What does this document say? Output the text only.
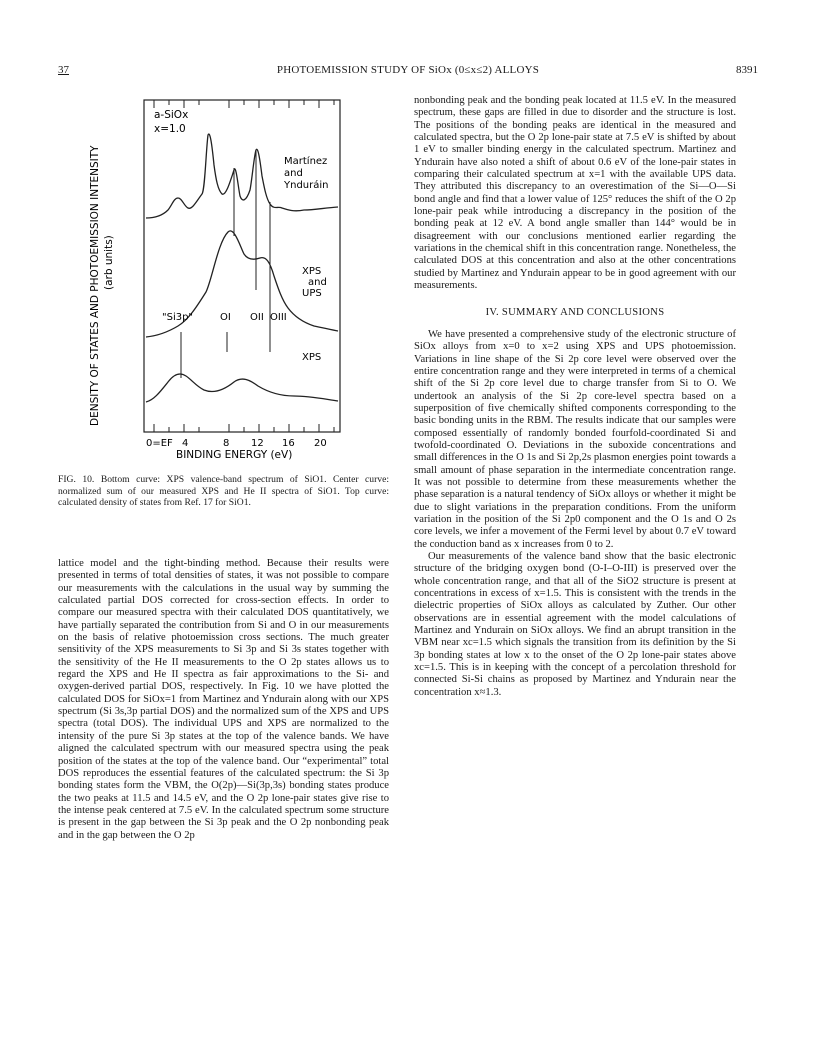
37	PHOTOEMISSION STUDY OF SiOx (0≤x≤2) ALLOYS	8391
a-SiOx
x=1.0
Martínez
and
Ynduráin
XPS
and
UPS
XPS
"Si3p"	OI OII OIII
0=EF 4	8 12 16 20
BINDING ENERGY (eV)
DENSITY OF STATES AND PHOTOEMISSION INTENSITY (arb units)
FIG. 10. Bottom curve: XPS valence-band spectrum of SiO1. Center curve: normalized sum of our measured XPS and He II spectra of SiO1. Top curve: calculated density of states from Ref. 17 for SiO1.

lattice model and the tight-binding method. Because their results were presented in terms of total densities of states, it was not possible to compare our measurements with the calculations in the usual way by summing the calculated partial DOS corrected for cross-section effects. In order to compare our measured spectra with their calculated DOS quantitatively, we have partially separated the contribution from Si and O in our measurements on the basis of relative photoemission cross sections. The much greater sensitivity of the XPS measurements to Si 3p and Si 3s states together with the sensitivity of the He II measurements to the O 2p states allows us to regard the XPS and He II spectra as fair approximations to the Si- and oxygen-derived partial DOS, respectively. In Fig. 10 we have plotted the calculated DOS for SiOx=1 from Martinez and Yndurain along with our XPS spectrum (Si 3s,3p partial DOS) and the normalized sum of the XPS and UPS spectra (total DOS). The individual UPS and XPS are normalized to the intensity of the pure Si 3p states at the top of the valence bands. We have aligned the calculated spectrum with our measured spectra using the peak position of the states at the top of the valence band. Our “experimental” total DOS reproduces the essential features of the calculated spectrum: the Si 3p bonding states form the VBM, the O(2p)—Si(3p,3s) bonding states produce the two peaks at 11.5 and 14.5 eV, and the O 2p lone-pair states give rise to the intense peak centered at 7.5 eV. In the calculated spectrum some structure is present in the gap between the Si 3p peak and the O 2p nonbonding peak and in the gap between the O 2p

nonbonding peak and the bonding peak located at 11.5 eV. In the measured spectrum, these gaps are filled in due to disorder and the structure is lost. The positions of the bonding peaks are identical in the measured and calculated spectra, but the O 2p lone-pair state at 7.5 eV is shifted by about 1 eV to smaller binding energy in the calculated spectrum. Martinez and Yndurain have also noted a shift of about 0.6 eV of the lone-pair states in comparing their calculated spectrum at x=1 with the available UPS data. They attributed this discrepancy to an overestimation of the Si—O—Si bond angle and find that a lower value of 125° reduces the shift of the O 2p lone-pair peak while introducing a discrepancy in the position of the bonding peak at 12 eV. A bond angle smaller than 144° would be in disagreement with our conclusions mentioned earlier regarding the variations in the chemical shift in this concentration range. Nonetheless, the calculated DOS at this concentration and also at the other concentrations studied by Martinez and Yndurain appear to be in good agreement with our measurements.

IV. SUMMARY AND CONCLUSIONS

We have presented a comprehensive study of the electronic structure of SiOx alloys from x=0 to x=2 using XPS and UPS photoemission. Variations in line shape of the Si 2p core level were observed over the entire concentration range and they were interpreted in terms of a chemical shift of the Si 2p core level due to charge transfer from Si to O. We undertook an analysis of the Si 2p core-level spectra based on a superposition of five chemically shifted components corresponding to the basic bonding units in the RBM. The results indicate that our samples were composed essentially of randomly bonded fourfold-coordinated Si and twofold-coordinated O. Deviations in the suboxide concentrations and small differences in the O 1s and Si 2p,2s plasmon energies point towards a small amount of phase separation in the intermediate concentration range. It was not possible to determine from these measurements whether the phase separation is a natural tendency of SiOx alloys or whether it might be due to slight variations in the preparation conditions. From the uniform variation in the position of the Si 2p0 component and the O 1s and O 2s core levels, we infer a movement of the Fermi level by about 0.7 eV toward the conduction band as x increases from 0 to 2.

Our measurements of the valence band show that the basic electronic structure of the bridging oxygen bond (O-I–O-III) is preserved over the whole concentration range, and that all of the SiO2 structure is present at concentrations in excess of x=1.5. This is consistent with the trends in the dielectric properties of SiOx alloys as calculated by Zuther. Our other observations are in essential agreement with the model calculations of Martinez and Yndurain on SiOx alloys. We find an abrupt transition in the VBM near xc=1.5 which signals the transition from its definition by the Si 3p bonding states at low x to the onset of the O 2p lone-pair states above xc=1.5. This is in keeping with the concept of a percolation threshold for connected Si-Si chains as proposed by Martinez and Yndurain near the concentration x≈1.3.
